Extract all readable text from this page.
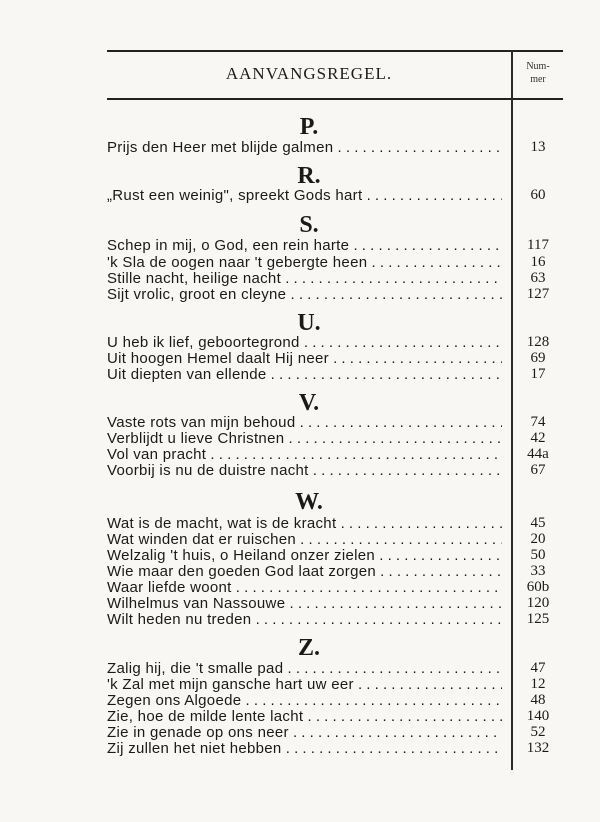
AANVANGSREGEL.	Num-
mer
P.
Prijs den Heer met blijde galmen . . .	13
R.
„Rust een weinig", spreekt Gods hart . . .	60
S.
Schep in mij, o God, een rein harte . . .	117
'k Sla de oogen naar 't gebergte heen . . .	16
Stille nacht, heilige nacht . . .	63
Sijt vrolic, groot en cleyne . . .	127
U.
U heb ik lief, geboortegrond . . .	128
Uit hoogen Hemel daalt Hij neer . . .	69
Uit diepten van ellende . . .	17
V.
Vaste rots van mijn behoud . . .	74
Verblijdt u lieve Christnen . . .	42
Vol van pracht . . .	44a
Voorbij is nu de duistre nacht . . .	67
W.
Wat is de macht, wat is de kracht . . .	45
Wat winden dat er ruischen . . .	20
Welzalig 't huis, o Heiland onzer zielen . . .	50
Wie maar den goeden God laat zorgen . . .	33
Waar liefde woont . . .	60b
Wilhelmus van Nassouwe . . .	120
Wilt heden nu treden . . .	125
Z.
Zalig hij, die 't smalle pad . . .	47
'k Zal met mijn gansche hart uw eer . . .	12
Zegen ons Algoede . . .	48
Zie, hoe de milde lente lacht . . .	140
Zie in genade op ons neer . . .	52
Zij zullen het niet hebben . . .	132
